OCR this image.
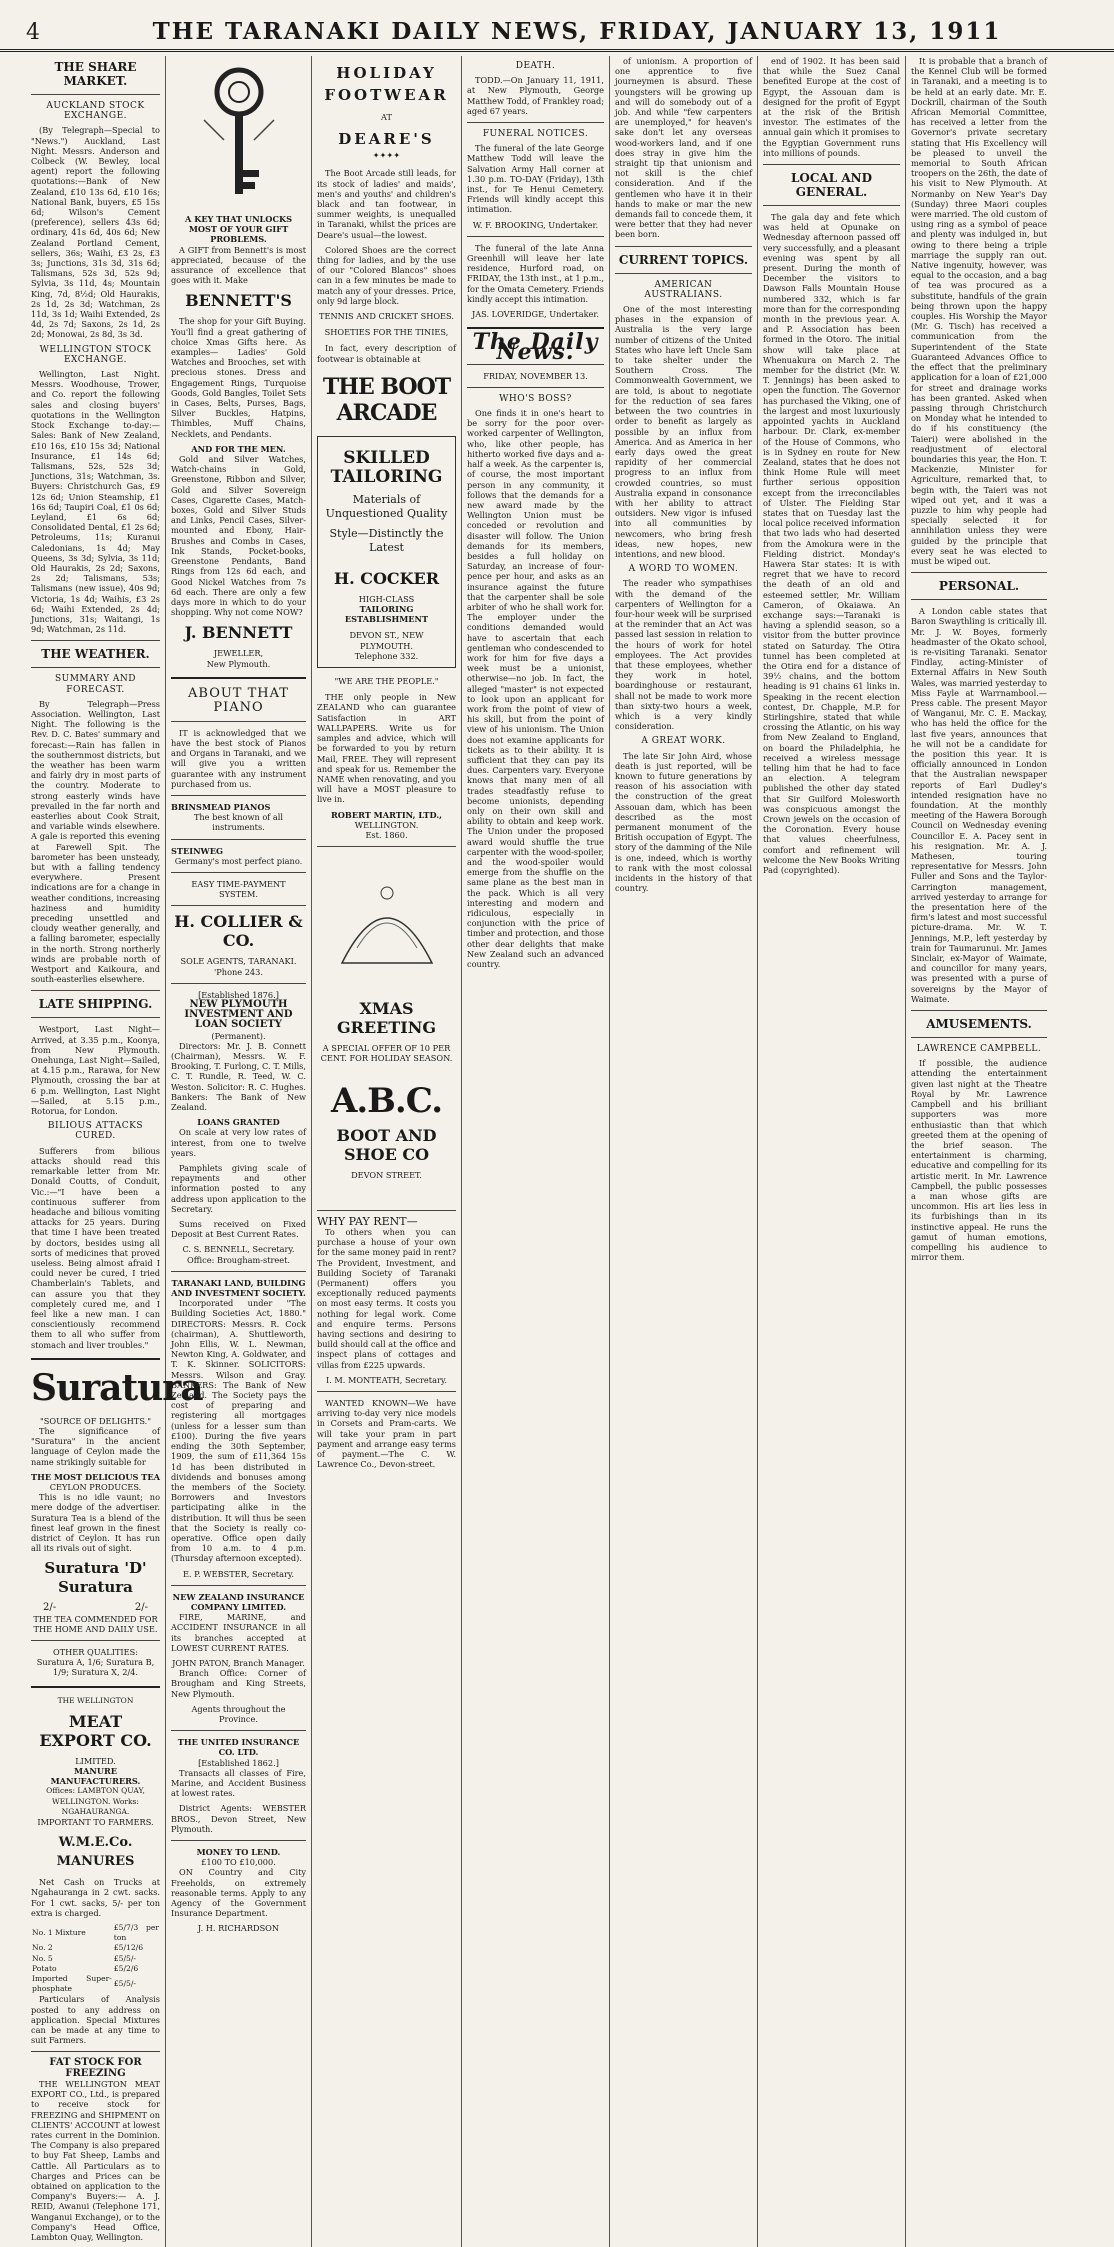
4	THE TARANAKI DAILY NEWS, FRIDAY, JANUARY 13, 1911
THE SHARE MARKET.
AUCKLAND STOCK EXCHANGE.

(By Telegraph—Special to "News.") Auckland, Last Night. Messrs. Anderson and Colbeck (W. Bewley, local agent) report the following quotations:—Bank of New Zealand, £10 13s 6d, £10 16s; National Bank, buyers, £5 15s 6d; Wilson's Cement (preference), sellers 43s 6d; ordinary, 41s 6d, 40s 6d; New Zealand Portland Cement, sellers, 36s; Waihi, £3 2s, £3 3s; Junctions, 31s 3d, 31s 6d; Talismans, 52s 3d, 52s 9d; Sylvia, 3s 11d, 4s; Mountain King, 7d, 8½d; Old Haurakis, 2s 1d, 2s 3d; Watchman, 2s 11d, 3s 1d; Waihi Extended, 2s 4d, 2s 7d; Saxons, 2s 1d, 2s 2d; Monowai, 2s 8d, 3s 3d.

WELLINGTON STOCK EXCHANGE.

Wellington, Last Night. Messrs. Woodhouse, Trower, and Co. report the following sales and closing buyers' quotations in the Wellington Stock Exchange to-day:—Sales: Bank of New Zealand, £10 16s, £10 15s 3d; National Insurance, £1 14s 6d; Talismans, 52s, 52s 3d; Junctions, 31s; Watchman, 3s. Buyers: Christchurch Gas, £9 12s 6d; Union Steamship, £1 16s 6d; Taupiri Coal, £1 0s 6d; Leyland, £1 6s 6d; Consolidated Dental, £1 2s 6d; Petroleums, 11s; Kuranui Caledonians, 1s 4d; May Queens, 3s 3d; Sylvia, 3s 11d; Old Haurakis, 2s 2d; Saxons, 2s 2d; Talismans, 53s; Talismans (new issue), 40s 9d; Victoria, 1s 4d; Waihis, £3 2s 6d; Waihi Extended, 2s 4d; Junctions, 31s; Waitangi, 1s 9d; Watchman, 2s 11d.

THE WEATHER.
SUMMARY AND FORECAST.

By Telegraph—Press Association. Wellington, Last Night. The following is the Rev. D. C. Bates' summary and forecast:—Rain has fallen in the southernmost districts, but the weather has been warm and fairly dry in most parts of the country. Moderate to strong easterly winds have prevailed in the far north and easterlies about Cook Strait, and variable winds elsewhere. A gale is reported this evening at Farewell Spit. The barometer has been unsteady, but with a falling tendency everywhere. Present indications are for a change in weather conditions, increasing haziness and humidity preceding unsettled and cloudy weather generally, and a falling barometer, especially in the north. Strong northerly winds are probable north of Westport and Kaikoura, and south-easterlies elsewhere.

LATE SHIPPING.

Westport, Last Night—Arrived, at 3.35 p.m., Koonya, from New Plymouth. Onehunga, Last Night—Sailed, at 4.15 p.m., Rarawa, for New Plymouth, crossing the bar at 6 p.m. Wellington, Last Night—Sailed, at 5.15 p.m., Rotorua, for London.

BILIOUS ATTACKS CURED.

Sufferers from bilious attacks should read this remarkable letter from Mr. Donald Coutts, of Conduit, Vic.:—"I have been a continuous sufferer from headache and bilious vomiting attacks for 25 years. During that time I have been treated by doctors, besides using all sorts of medicines that proved useless. Being almost afraid I could never be cured, I tried Chamberlain's Tablets, and can assure you that they completely cured me, and I feel like a new man. I can conscientiously recommend them to all who suffer from stomach and liver troubles."

Suratura
"SOURCE OF DELIGHTS."

The significance of "Suratura" in the ancient language of Ceylon made the name strikingly suitable for

THE MOST DELICIOUS TEA
CEYLON PRODUCES.

This is no idle vaunt; no mere dodge of the advertiser. Suratura Tea is a blend of the finest leaf grown in the finest district of Ceylon. It has run all its rivals out of sight.

Suratura 'D' Suratura
2/-	2/-
THE TEA COMMENDED FOR THE HOME AND DAILY USE.
OTHER QUALITIES:
Suratura A, 1/6; Suratura B, 1/9; Suratura X, 2/4.
THE WELLINGTON
MEAT EXPORT CO.
LIMITED.
MANURE MANUFACTURERS.
Offices: LAMBTON QUAY, WELLINGTON. Works: NGAHAURANGA.
IMPORTANT TO FARMERS.
W.M.E.Co. MANURES

Net Cash on Trucks at Ngahauranga in 2 cwt. sacks. For 1 cwt. sacks, 5/- per ton extra is charged.

No. 1 Mixture	£5/7/3 per ton
No. 2	£5/12/6
No. 5	£5/5/-
Potato	£5/2/6
Imported Super-phosphate	£5/5/-

Particulars of Analysis posted to any address on application. Special Mixtures can be made at any time to suit Farmers.

FAT STOCK FOR FREEZING

THE WELLINGTON MEAT EXPORT CO., Ltd., is prepared to receive stock for FREEZING and SHIPMENT on CLIENTS' ACCOUNT at lowest rates current in the Dominion. The Company is also prepared to buy Fat Sheep, Lambs and Cattle. All Particulars as to Charges and Prices can be obtained on application to the Company's Buyers:— A. J. REID, Awanui (Telephone 171, Wanganui Exchange), or to the Company's Head Office, Lambton Quay, Wellington.

A KEY THAT UNLOCKS MOST OF YOUR GIFT PROBLEMS.

A GIFT from Bennett's is most appreciated, because of the assurance of excellence that goes with it. Make

BENNETT'S

The shop for your Gift Buying. You'll find a great gathering of choice Xmas Gifts here. As examples— Ladies' Gold Watches and Brooches, set with precious stones. Dress and Engagement Rings, Turquoise Goods, Gold Bangles, Toilet Sets in Cases, Belts, Purses, Bags, Silver Buckles, Hatpins, Thimbles, Muff Chains, Necklets, and Pendants.

AND FOR THE MEN.

Gold and Silver Watches, Watch-chains in Gold, Greenstone, Ribbon and Silver, Gold and Silver Sovereign Cases, Cigarette Cases, Match-boxes, Gold and Silver Studs and Links, Pencil Cases, Silver-mounted and Ebony, Hair-Brushes and Combs in Cases, Ink Stands, Pocket-books, Greenstone Pendants, Band Rings from 12s 6d each, and Good Nickel Watches from 7s 6d each. There are only a few days more in which to do your shopping. Why not come NOW?

J. BENNETT
JEWELLER,
New Plymouth.
ABOUT THAT PIANO

IT is acknowledged that we have the best stock of Pianos and Organs in Taranaki, and we will give you a written guarantee with any instrument purchased from us.

BRINSMEAD PIANOS
The best known of all instruments.
STEINWEG
Germany's most perfect piano.
EASY TIME-PAYMENT SYSTEM.
H. COLLIER & CO.
SOLE AGENTS, TARANAKI. 'Phone 243.
[Established 1876.]
NEW PLYMOUTH INVESTMENT AND LOAN SOCIETY
(Permanent).

Directors: Mr. J. B. Connett (Chairman), Messrs. W. F. Brooking, T. Furlong, C. T. Mills, C. T. Rundle, R. Teed, W. C. Weston. Solicitor: R. C. Hughes. Bankers: The Bank of New Zealand.

LOANS GRANTED

On scale at very low rates of interest, from one to twelve years.

Pamphlets giving scale of repayments and other information posted to any address upon application to the Secretary.

Sums received on Fixed Deposit at Best Current Rates.

C. S. BENNELL, Secretary.
Office: Brougham-street.
TARANAKI LAND, BUILDING AND INVESTMENT SOCIETY.

Incorporated under "The Building Societies Act, 1880." DIRECTORS: Messrs. R. Cock (chairman), A. Shuttleworth, John Ellis, W. L. Newman, Newton King, A. Goldwater, and T. K. Skinner. SOLICITORS: Messrs. Wilson and Gray. BANKERS: The Bank of New Zealand. The Society pays the cost of preparing and registering all mortgages (unless for a lesser sum than £100). During the five years ending the 30th September, 1909, the sum of £11,364 15s 1d has been distributed in dividends and bonuses among the members of the Society. Borrowers and Investors participating alike in the distribution. It will thus be seen that the Society is really co-operative. Office open daily from 10 a.m. to 4 p.m. (Thursday afternoon excepted).

E. P. WEBSTER, Secretary.
NEW ZEALAND INSURANCE COMPANY LIMITED.

FIRE, MARINE, and ACCIDENT INSURANCE in all its branches accepted at LOWEST CURRENT RATES.

JOHN PATON, Branch Manager.

Branch Office: Corner of Brougham and King Streets, New Plymouth.

Agents throughout the Province.
THE UNITED INSURANCE CO. LTD.
[Established 1862.]

Transacts all classes of Fire, Marine, and Accident Business at lowest rates.

District Agents: WEBSTER BROS., Devon Street, New Plymouth.

MONEY TO LEND.
£100 TO £10,000.

ON Country and City Freeholds, on extremely reasonable terms. Apply to any Agency of the Government Insurance Department.

J. H. RICHARDSON
HOLIDAY
FOOTWEAR
AT
DEARE'S
✦✦✦✦

The Boot Arcade still leads, for its stock of ladies' and maids', men's and youths' and children's black and tan footwear, in summer weights, is unequalled in Taranaki, whilst the prices are Deare's usual—the lowest.

Colored Shoes are the correct thing for ladies, and by the use of our "Colored Blancos" shoes can in a few minutes be made to match any of your dresses. Price, only 9d large block.

TENNIS AND CRICKET SHOES.
SHOETIES FOR THE TINIES,

In fact, every description of footwear is obtainable at

THE BOOT ARCADE
SKILLED TAILORING
Materials of Unquestioned Quality
Style—Distinctly the Latest
H. COCKER
HIGH-CLASS
TAILORING ESTABLISHMENT
DEVON ST., NEW PLYMOUTH.
Telephone 332.
"WE ARE THE PEOPLE."

THE only people in New ZEALAND who can guarantee Satisfaction in ART WALLPAPERS. Write us for samples and advice, which will be forwarded to you by return Mail, FREE. They will represent and speak for us. Remember the NAME when renovating, and you will have a MOST pleasure to live in.

ROBERT MARTIN, LTD.,
WELLINGTON.
Est. 1860.
XMAS GREETING
A SPECIAL OFFER OF 10 PER CENT. FOR HOLIDAY SEASON.
A.B.C.
BOOT AND SHOE CO
DEVON STREET.
WHY PAY RENT—

To others when you can purchase a house of your own for the same money paid in rent? The Provident, Investment, and Building Society of Taranaki (Permanent) offers you exceptionally reduced payments on most easy terms. It costs you nothing for legal work. Come and enquire terms. Persons having sections and desiring to build should call at the office and inspect plans of cottages and villas from £225 upwards.

I. M. MONTEATH, Secretary.

WANTED KNOWN—We have arriving to-day very nice models in Corsets and Pram-carts. We will take your pram in part payment and arrange easy terms of payment.—The C. W. Lawrence Co., Devon-street.

DEATH.

TODD.—On January 11, 1911, at New Plymouth, George Matthew Todd, of Frankley road; aged 67 years.

FUNERAL NOTICES.

The funeral of the late George Matthew Todd will leave the Salvation Army Hall corner at 1.30 p.m. TO-DAY (Friday), 13th inst., for Te Henui Cemetery. Friends will kindly accept this intimation.

W. F. BROOKING, Undertaker.

The funeral of the late Anna Greenhill will leave her late residence, Hurford road, on FRIDAY, the 13th inst., at 1 p.m., for the Omata Cemetery. Friends kindly accept this intimation.

JAS. LOVERIDGE, Undertaker.
The Daily News.
FRIDAY, NOVEMBER 13.
WHO'S BOSS?

One finds it in one's heart to be sorry for the poor over-worked carpenter of Wellington, who, like other people, has hitherto worked five days and a-half a week. As the carpenter is, of course, the most important person in any community, it follows that the demands for a new award made by the Wellington Union must be conceded or revolution and disaster will follow. The Union demands for its members, besides a full holiday on Saturday, an increase of four-pence per hour, and asks as an insurance against the future that the carpenter shall be sole arbiter of who he shall work for. The employer under the conditions demanded would have to ascertain that each gentleman who condescended to work for him for five days a week must be a unionist, otherwise—no job. In fact, the alleged "master" is not expected to look upon an applicant for work from the point of view of his skill, but from the point of view of his unionism. The Union does not examine applicants for tickets as to their ability. It is sufficient that they can pay its dues. Carpenters vary. Everyone knows that many men of all trades steadfastly refuse to become unionists, depending only on their own skill and ability to obtain and keep work. The Union under the proposed award would shuffle the true carpenter with the wood-spoiler, and the wood-spoiler would emerge from the shuffle on the same plane as the best man in the pack. Which is all very interesting and modern and ridiculous, especially in conjunction with the price of timber and protection, and those other dear delights that make New Zealand such an advanced country.

of unionism. A proportion of one apprentice to five journeymen is absurd. These youngsters will be growing up and will do somebody out of a job. And while "few carpenters are unemployed," for heaven's sake don't let any overseas wood-workers land, and if one does stray in give him the straight tip that unionism and not skill is the chief consideration. And if the gentlemen who have it in their hands to make or mar the new demands fail to concede them, it were better that they had never been born.

CURRENT TOPICS.
AMERICAN AUSTRALIANS.

One of the most interesting phases in the expansion of Australia is the very large number of citizens of the United States who have left Uncle Sam to take shelter under the Southern Cross. The Commonwealth Government, we are told, is about to negotiate for the reduction of sea fares between the two countries in order to benefit as largely as possible by an influx from America. And as America in her early days owed the great rapidity of her commercial progress to an influx from crowded countries, so must Australia expand in consonance with her ability to attract outsiders. New vigor is infused into all communities by newcomers, who bring fresh ideas, new hopes, new intentions, and new blood.

A WORD TO WOMEN.

The reader who sympathises with the demand of the carpenters of Wellington for a four-hour week will be surprised at the reminder that an Act was passed last session in relation to the hours of work for hotel employees. The Act provides that these employees, whether they work in hotel, boardinghouse or restaurant, shall not be made to work more than sixty-two hours a week, which is a very kindly consideration.

A GREAT WORK.

The late Sir John Aird, whose death is just reported, will be known to future generations by reason of his association with the construction of the great Assouan dam, which has been described as the most permanent monument of the British occupation of Egypt. The story of the damming of the Nile is one, indeed, which is worthy to rank with the most colossal incidents in the history of that country.

end of 1902. It has been said that while the Suez Canal benefited Europe at the cost of Egypt, the Assouan dam is designed for the profit of Egypt at the risk of the British investor. The estimates of the annual gain which it promises to the Egyptian Government runs into millions of pounds.

LOCAL AND GENERAL.

The gala day and fete which was held at Opunake on Wednesday afternoon passed off very successfully, and a pleasant evening was spent by all present. During the month of December the visitors to Dawson Falls Mountain House numbered 332, which is far more than for the corresponding month in the previous year. A. and P. Association has been formed in the Otoro. The initial show will take place at Whenuakura on March 2. The member for the district (Mr. W. T. Jennings) has been asked to open the function. The Governor has purchased the Viking, one of the largest and most luxuriously appointed yachts in Auckland harbour. Dr. Clark, ex-member of the House of Commons, who is in Sydney en route for New Zealand, states that he does not think Home Rule will meet further serious opposition except from the irreconcilables of Ulster. The Fielding Star states that on Tuesday last the local police received information that two lads who had deserted from the Amokura were in the Fielding district. Monday's Hawera Star states: It is with regret that we have to record the death of an old and esteemed settler, Mr. William Cameron, of Okaiawa. An exchange says:—Taranaki is having a splendid season, so a visitor from the butter province stated on Saturday. The Otira tunnel has been completed at the Otira end for a distance of 39½ chains, and the bottom heading is 91 chains 61 links in. Speaking in the recent election contest, Dr. Chapple, M.P. for Stirlingshire, stated that while crossing the Atlantic, on his way from New Zealand to England, on board the Philadelphia, he received a wireless message telling him that he had to face an election. A telegram published the other day stated that Sir Guilford Molesworth was conspicuous amongst the Crown jewels on the occasion of the Coronation. Every house that values cheerfulness, comfort and refinement will welcome the New Books Writing Pad (copyrighted).

It is probable that a branch of the Kennel Club will be formed in Taranaki, and a meeting is to be held at an early date. Mr. E. Dockrill, chairman of the South African Memorial Committee, has received a letter from the Governor's private secretary stating that His Excellency will be pleased to unveil the memorial to South African troopers on the 26th, the date of his visit to New Plymouth. At Normanby on New Year's Day (Sunday) three Maori couples were married. The old custom of using ring as a symbol of peace and plenty was indulged in, but owing to there being a triple marriage the supply ran out. Native ingenuity, however, was equal to the occasion, and a bag of tea was procured as a substitute, handfuls of the grain being thrown upon the happy couples. His Worship the Mayor (Mr. G. Tisch) has received a communication from the Superintendent of the State Guaranteed Advances Office to the effect that the preliminary application for a loan of £21,000 for street and drainage works has been granted. Asked when passing through Christchurch on Monday what he intended to do if his constituency (the Taieri) were abolished in the readjustment of electoral boundaries this year, the Hon. T. Mackenzie, Minister for Agriculture, remarked that, to begin with, the Taieri was not wiped out yet, and it was a puzzle to him why people had specially selected it for annihilation unless they were guided by the principle that every seat he was elected to must be wiped out.

PERSONAL.

A London cable states that Baron Swaythling is critically ill. Mr. J. W. Boyes, formerly headmaster of the Okato school, is re-visiting Taranaki. Senator Findlay, acting-Minister of External Affairs in New South Wales, was married yesterday to Miss Fayle at Warrnambool.—Press cable. The present Mayor of Wanganui, Mr. C. E. Mackay, who has held the office for the last five years, announces that he will not be a candidate for the position this year. It is officially announced in London that the Australian newspaper reports of Earl Dudley's intended resignation have no foundation. At the monthly meeting of the Hawera Borough Council on Wednesday evening Councillor E. A. Pacey sent in his resignation. Mr. A. J. Mathesen, touring representative for Messrs. John Fuller and Sons and the Taylor-Carrington management, arrived yesterday to arrange for the presentation here of the firm's latest and most successful picture-drama. Mr. W. T. Jennings, M.P., left yesterday by train for Taumarunui. Mr. James Sinclair, ex-Mayor of Waimate, and councillor for many years, was presented with a purse of sovereigns by the Mayor of Waimate.

AMUSEMENTS.
LAWRENCE CAMPBELL.

If possible, the audience attending the entertainment given last night at the Theatre Royal by Mr. Lawrence Campbell and his brilliant supporters was more enthusiastic than that which greeted them at the opening of the brief season. The entertainment is charming, educative and compelling for its artistic merit. In Mr. Lawrence Campbell, the public possesses a man whose gifts are uncommon. His art lies less in its furbishings than in its instinctive appeal. He runs the gamut of human emotions, compelling his audience to mirror them.
